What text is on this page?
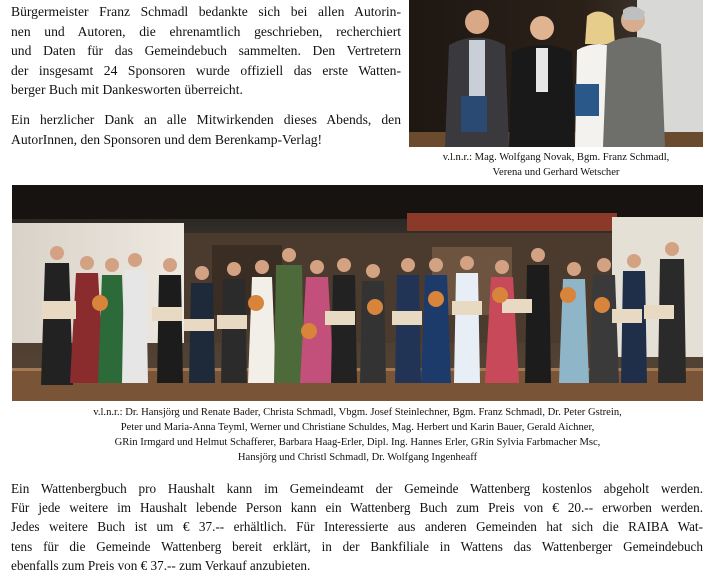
Bürgermeister Franz Schmadl bedankte sich bei allen Autorin-
nen und Autoren, die ehrenamtlich geschrieben, recherchiert
und Daten für das Gemeindebuch sammelten. Den Vertretern
der insgesamt 24 Sponsoren wurde offiziell das erste Watten-
berger Buch mit Dankesworten überreicht.

Ein herzlicher Dank an alle Mitwirkenden dieses Abends, den
AutorInnen, den Sponsoren und dem Berenkamp-Verlag!

v.l.n.r.: Mag. Wolfgang Novak, Bgm. Franz Schmadl,
Verena und Gerhard Wetscher
v.l.n.r.: Dr. Hansjörg und Renate Bader, Christa Schmadl, Vbgm. Josef Steinlechner, Bgm. Franz Schmadl, Dr. Peter Gstrein,
Peter und Maria-Anna Teyml, Werner und Christiane Schuldes, Mag. Herbert und Karin Bauer, Gerald Aichner,
GRin Irmgard und Helmut Schafferer, Barbara Haag-Erler, Dipl. Ing. Hannes Erler, GRin Sylvia Farbmacher Msc,
Hansjörg und Christl Schmadl, Dr. Wolfgang Ingenheaff
Ein Wattenbergbuch pro Haushalt kann im Gemeindeamt der Gemeinde Wattenberg kostenlos abgeholt werden.
Für jede weitere im Haushalt lebende Person kann ein Wattenberg Buch zum Preis von € 20.-- erworben werden.
Jedes weitere Buch ist um € 37.-- erhältlich. Für Interessierte aus anderen Gemeinden hat sich die RAIBA Wat-
tens für die Gemeinde Wattenberg bereit erklärt, in der Bankfiliale in Wattens das Wattenberger Gemeindebuch
ebenfalls zum Preis von € 37.-- zum Verkauf anzubieten.
